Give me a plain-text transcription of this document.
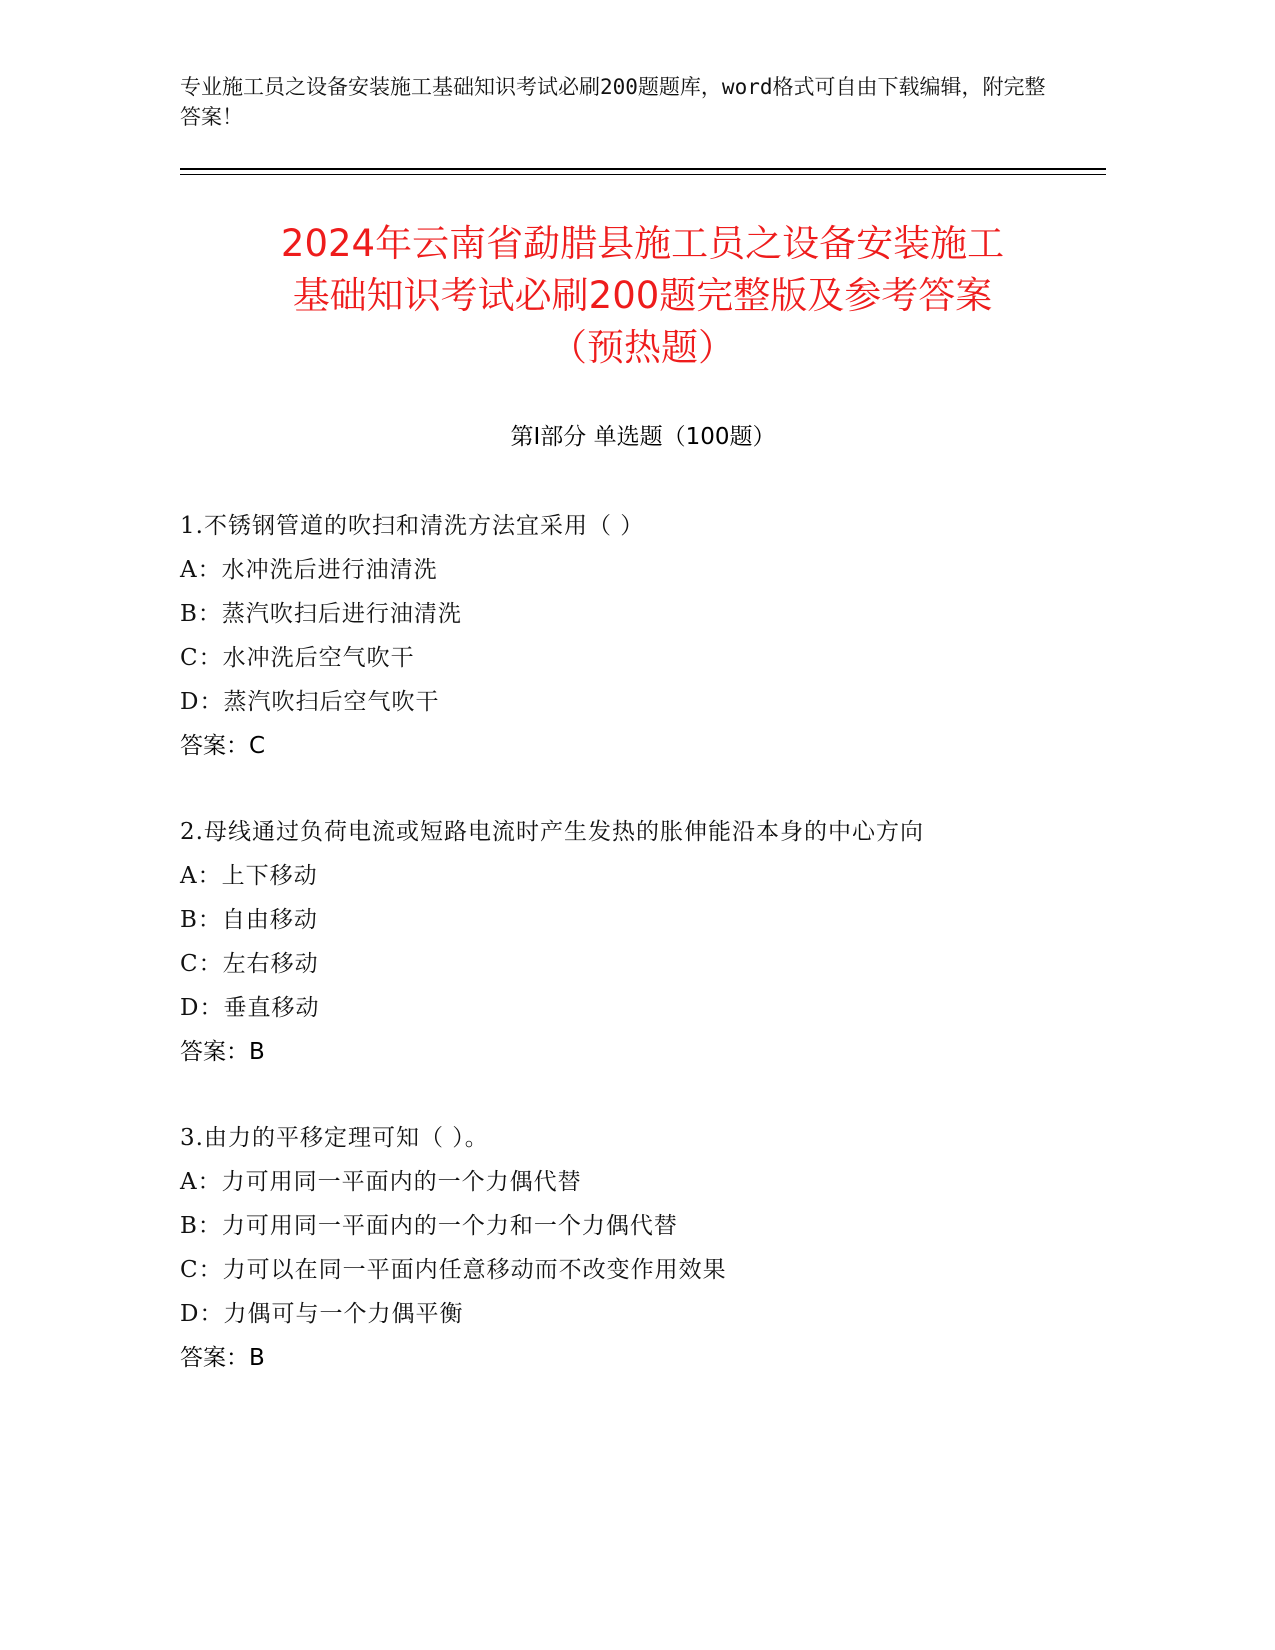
专业施工员之设备安装施工基础知识考试必刷200题题库，word格式可自由下载编辑，附完整答案！
2024年云南省勐腊县施工员之设备安装施工
基础知识考试必刷200题完整版及参考答案
（预热题）
第Ⅰ部分 单选题（100题）
1.不锈钢管道的吹扫和清洗方法宜采用（ ）
A：水冲洗后进行油清洗
B：蒸汽吹扫后进行油清洗
C：水冲洗后空气吹干
D：蒸汽吹扫后空气吹干
答案：C
2.母线通过负荷电流或短路电流时产生发热的胀伸能沿本身的中心方向
A：上下移动
B：自由移动
C：左右移动
D：垂直移动
答案：B
3.由力的平移定理可知（ ）。
A：力可用同一平面内的一个力偶代替
B：力可用同一平面内的一个力和一个力偶代替
C：力可以在同一平面内任意移动而不改变作用效果
D：力偶可与一个力偶平衡
答案：B
